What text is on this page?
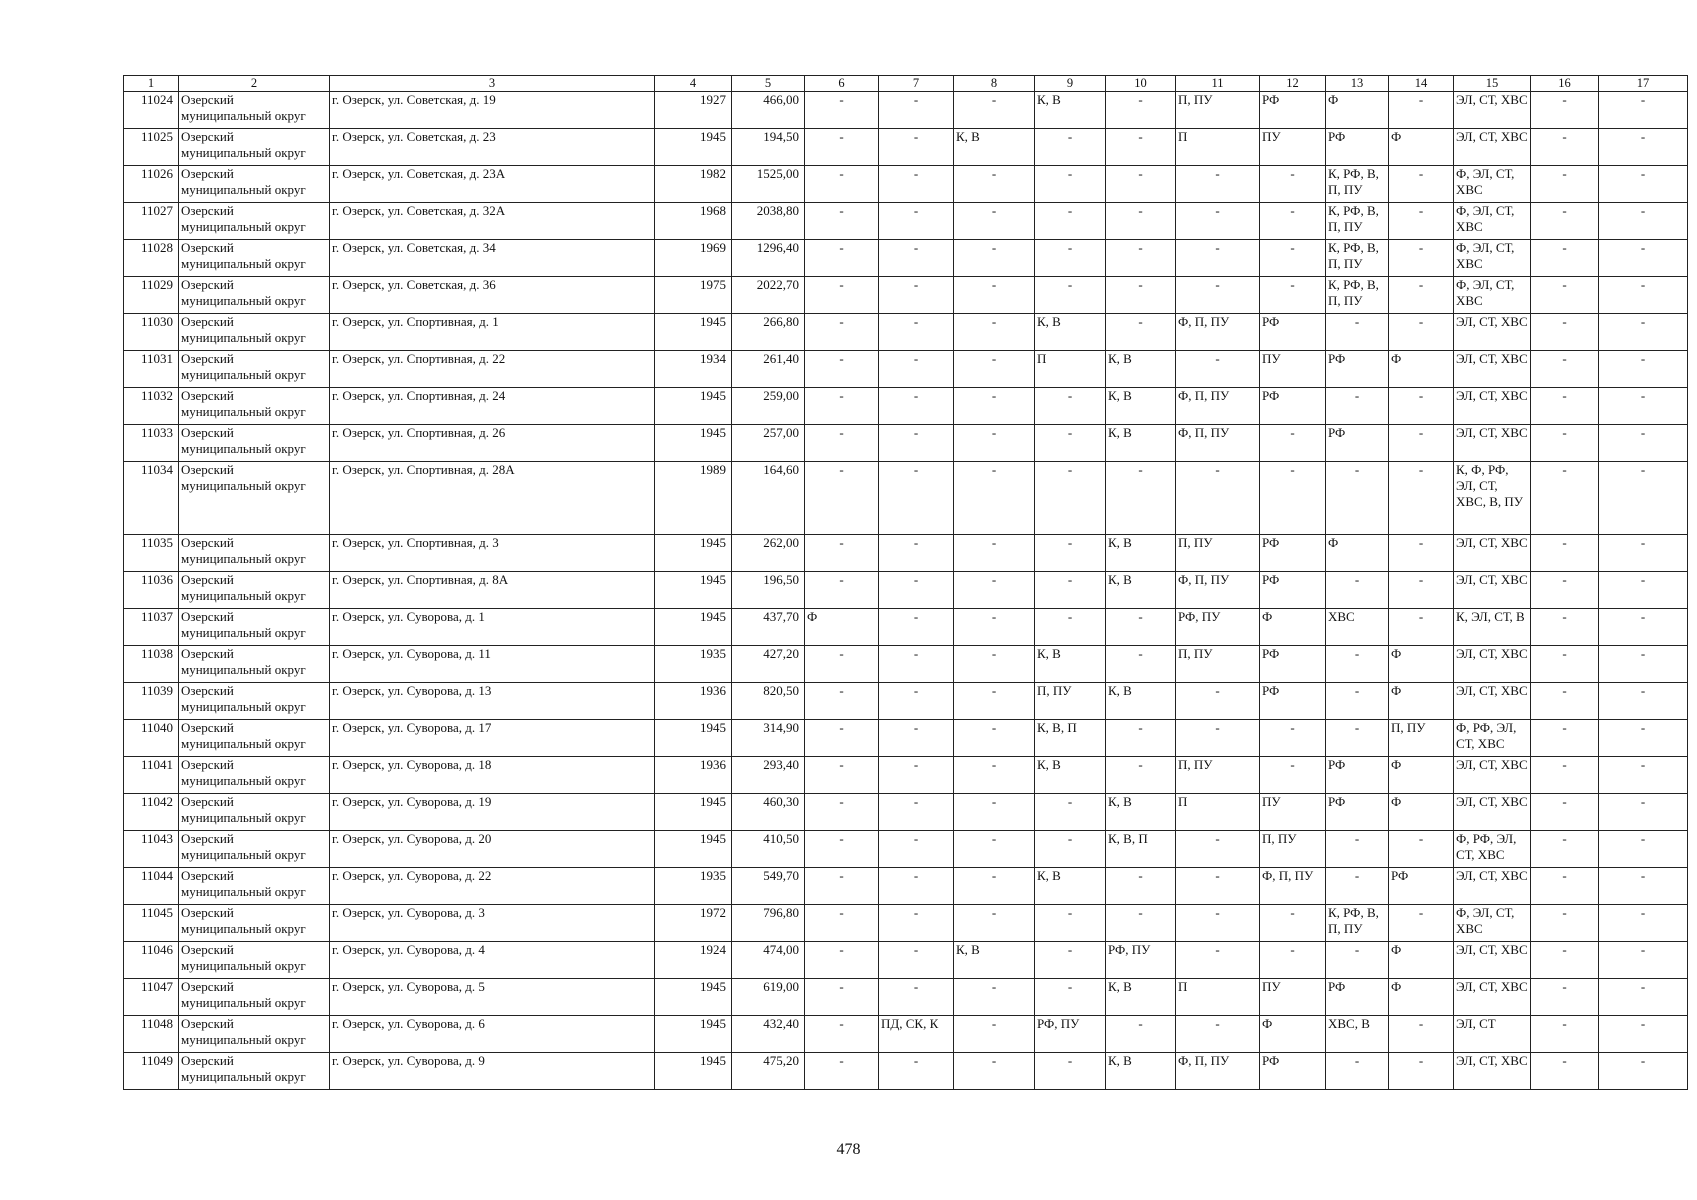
1	2	3	4	5	6	7	8	9	10	11	12	13	14	15	16	17
11024	Озерский муниципальный округ	г. Озерск, ул. Советская, д. 19	1927	466,00	-	-	-	К, В	-	П, ПУ	РФ	Ф	-	ЭЛ, СТ, ХВС	-	-
11025	Озерский муниципальный округ	г. Озерск, ул. Советская, д. 23	1945	194,50	-	-	К, В	-	-	П	ПУ	РФ	Ф	ЭЛ, СТ, ХВС	-	-
11026	Озерский муниципальный округ	г. Озерск, ул. Советская, д. 23А	1982	1525,00	-	-	-	-	-	-	-	К, РФ, В, П, ПУ	-	Ф, ЭЛ, СТ, ХВС	-	-
11027	Озерский муниципальный округ	г. Озерск, ул. Советская, д. 32А	1968	2038,80	-	-	-	-	-	-	-	К, РФ, В, П, ПУ	-	Ф, ЭЛ, СТ, ХВС	-	-
11028	Озерский муниципальный округ	г. Озерск, ул. Советская, д. 34	1969	1296,40	-	-	-	-	-	-	-	К, РФ, В, П, ПУ	-	Ф, ЭЛ, СТ, ХВС	-	-
11029	Озерский муниципальный округ	г. Озерск, ул. Советская, д. 36	1975	2022,70	-	-	-	-	-	-	-	К, РФ, В, П, ПУ	-	Ф, ЭЛ, СТ, ХВС	-	-
11030	Озерский муниципальный округ	г. Озерск, ул. Спортивная, д. 1	1945	266,80	-	-	-	К, В	-	Ф, П, ПУ	РФ	-	-	ЭЛ, СТ, ХВС	-	-
11031	Озерский муниципальный округ	г. Озерск, ул. Спортивная, д. 22	1934	261,40	-	-	-	П	К, В	-	ПУ	РФ	Ф	ЭЛ, СТ, ХВС	-	-
11032	Озерский муниципальный округ	г. Озерск, ул. Спортивная, д. 24	1945	259,00	-	-	-	-	К, В	Ф, П, ПУ	РФ	-	-	ЭЛ, СТ, ХВС	-	-
11033	Озерский муниципальный округ	г. Озерск, ул. Спортивная, д. 26	1945	257,00	-	-	-	-	К, В	Ф, П, ПУ	-	РФ	-	ЭЛ, СТ, ХВС	-	-
11034	Озерский муниципальный округ	г. Озерск, ул. Спортивная, д. 28А	1989	164,60	-	-	-	-	-	-	-	-	-	К, Ф, РФ, ЭЛ, СТ, ХВС, В, ПУ	-	-
11035	Озерский муниципальный округ	г. Озерск, ул. Спортивная, д. 3	1945	262,00	-	-	-	-	К, В	П, ПУ	РФ	Ф	-	ЭЛ, СТ, ХВС	-	-
11036	Озерский муниципальный округ	г. Озерск, ул. Спортивная, д. 8А	1945	196,50	-	-	-	-	К, В	Ф, П, ПУ	РФ	-	-	ЭЛ, СТ, ХВС	-	-
11037	Озерский муниципальный округ	г. Озерск, ул. Суворова, д. 1	1945	437,70	Ф	-	-	-	-	РФ, ПУ	Ф	ХВС	-	К, ЭЛ, СТ, В	-	-
11038	Озерский муниципальный округ	г. Озерск, ул. Суворова, д. 11	1935	427,20	-	-	-	К, В	-	П, ПУ	РФ	-	Ф	ЭЛ, СТ, ХВС	-	-
11039	Озерский муниципальный округ	г. Озерск, ул. Суворова, д. 13	1936	820,50	-	-	-	П, ПУ	К, В	-	РФ	-	Ф	ЭЛ, СТ, ХВС	-	-
11040	Озерский муниципальный округ	г. Озерск, ул. Суворова, д. 17	1945	314,90	-	-	-	К, В, П	-	-	-	-	П, ПУ	Ф, РФ, ЭЛ, СТ, ХВС	-	-
11041	Озерский муниципальный округ	г. Озерск, ул. Суворова, д. 18	1936	293,40	-	-	-	К, В	-	П, ПУ	-	РФ	Ф	ЭЛ, СТ, ХВС	-	-
11042	Озерский муниципальный округ	г. Озерск, ул. Суворова, д. 19	1945	460,30	-	-	-	-	К, В	П	ПУ	РФ	Ф	ЭЛ, СТ, ХВС	-	-
11043	Озерский муниципальный округ	г. Озерск, ул. Суворова, д. 20	1945	410,50	-	-	-	-	К, В, П	-	П, ПУ	-	-	Ф, РФ, ЭЛ, СТ, ХВС	-	-
11044	Озерский муниципальный округ	г. Озерск, ул. Суворова, д. 22	1935	549,70	-	-	-	К, В	-	-	Ф, П, ПУ	-	РФ	ЭЛ, СТ, ХВС	-	-
11045	Озерский муниципальный округ	г. Озерск, ул. Суворова, д. 3	1972	796,80	-	-	-	-	-	-	-	К, РФ, В, П, ПУ	-	Ф, ЭЛ, СТ, ХВС	-	-
11046	Озерский муниципальный округ	г. Озерск, ул. Суворова, д. 4	1924	474,00	-	-	К, В	-	РФ, ПУ	-	-	-	Ф	ЭЛ, СТ, ХВС	-	-
11047	Озерский муниципальный округ	г. Озерск, ул. Суворова, д. 5	1945	619,00	-	-	-	-	К, В	П	ПУ	РФ	Ф	ЭЛ, СТ, ХВС	-	-
11048	Озерский муниципальный округ	г. Озерск, ул. Суворова, д. 6	1945	432,40	-	ПД, СК, К	-	РФ, ПУ	-	-	Ф	ХВС, В	-	ЭЛ, СТ	-	-
11049	Озерский муниципальный округ	г. Озерск, ул. Суворова, д. 9	1945	475,20	-	-	-	-	К, В	Ф, П, ПУ	РФ	-	-	ЭЛ, СТ, ХВС	-	-
478
